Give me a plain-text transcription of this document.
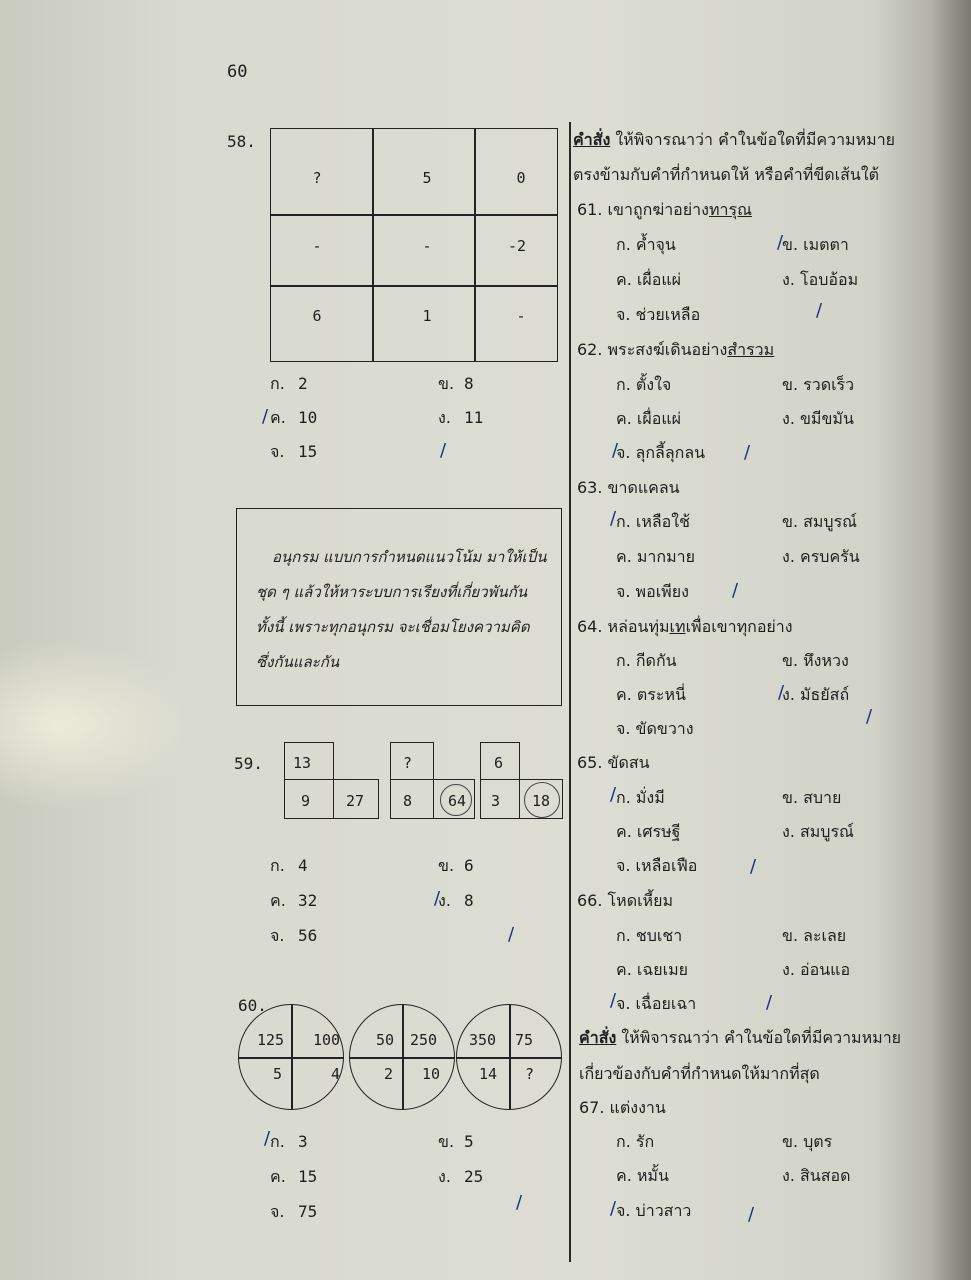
60
58.
?	5	0
-	-	-2
6	1	-
ก. 2	ข. 8
ค. 10	ง. 11
จ. 15
/
/
อนุกรม แบบการกำหนดแนวโน้ม มาให้เป็น
ชุด ๆ แล้วให้หาระบบการเรียงที่เกี่ยวพันกัน
ทั้งนี้ เพราะทุกอนุกรม จะเชื่อมโยงความคิด
ซึ่งกันและกัน
59. 13
9 27
?
8 64
6
3 18
ก. 4	ข. 6
ค. 32	ง. 8
จ. 56
/
/
60.
125 100
5	4
50 250
2 10
350 75
14 ?
ก. 3	ข. 5
ค. 15	ง. 25
จ. 75
/
/
คำสั่ง ให้พิจารณาว่า คำในข้อใดที่มีความหมาย
ตรงข้ามกับคำที่กำหนดให้ หรือคำที่ขีดเส้นใต้
61. เขาถูกฆ่าอย่างทารุณ
ก. ค้ำจุน	ข. เมตตา
ค. เผื่อแผ่	ง. โอบอ้อม
จ. ช่วยเหลือ
/
/
62. พระสงฆ์เดินอย่างสำรวม
ก. ตั้งใจ	ข. รวดเร็ว
ค. เผื่อแผ่	ง. ขมีขมัน
จ. ลุกลี้ลุกลน
/	/
63. ขาดแคลน
ก. เหลือใช้	ข. สมบูรณ์
ค. มากมาย	ง. ครบครัน
จ. พอเพียง
/
/
64. หล่อนทุ่มเทเพื่อเขาทุกอย่าง
ก. กีดกัน	ข. หึงหวง
ค. ตระหนี่	ง. มัธยัสถ์
จ. ขัดขวาง
/
/
65. ขัดสน
ก. มั่งมี	ข. สบาย
ค. เศรษฐี	ง. สมบูรณ์
จ. เหลือเฟือ
/
/
66. โหดเหี้ยม
ก. ชบเชา	ข. ละเลย
ค. เฉยเมย	ง. อ่อนแอ
จ. เฉื่อยเฉา
/	/
คำสั่ง ให้พิจารณาว่า คำในข้อใดที่มีความหมาย
เกี่ยวข้องกับคำที่กำหนดให้มากที่สุด
67. แต่งงาน
ก. รัก	ข. บุตร
ค. หมั้น	ง. สินสอด
จ. บ่าวสาว
/	/
